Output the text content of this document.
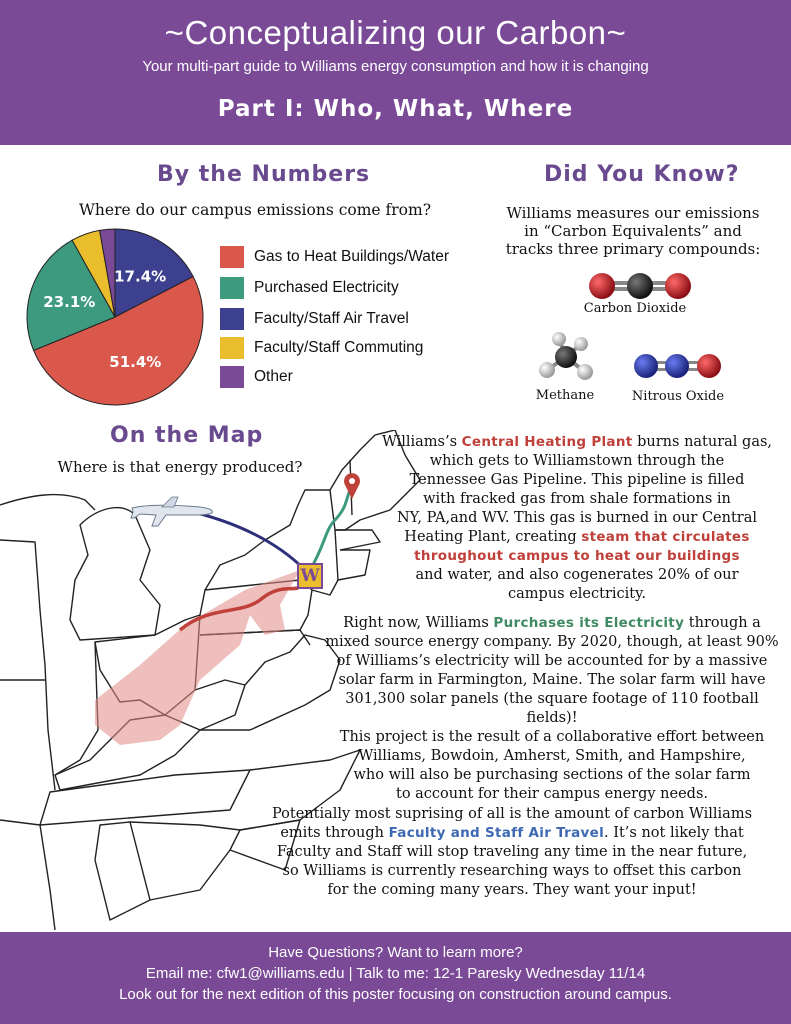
~Conceptualizing our Carbon~
Your multi-part guide to Williams energy consumption and how it is changing
Part I: Who, What, Where
By the Numbers
Where do our campus emissions come from?
17.4%
51.4%
23.1%
Gas to Heat Buildings/Water
Purchased Electricity
Faculty/Staff Air Travel
Faculty/Staff Commuting
Other
Did You Know?
Williams measures our emissions
in “Carbon Equivalents” and
tracks three primary compounds:
Carbon Dioxide
Methane	Nitrous Oxide
W
On the Map
Where is that energy produced?
Williams’s Central Heating Plant burns natural gas,
which gets to Williamstown through the
Tennessee Gas Pipeline. This pipeline is filled
with fracked gas from shale formations in
NY, PA,and WV. This gas is burned in our Central
Heating Plant, creating steam that circulates
throughout campus to heat our buildings
and water, and also cogenerates 20% of our
campus electricity.
Right now, Williams Purchases its Electricity through a
mixed source energy company. By 2020, though, at least 90%
of Williams’s electricity will be accounted for by a massive
solar farm in Farmington, Maine. The solar farm will have
301,300 solar panels (the square footage of 110 football fields)!
This project is the result of a collaborative effort between
Williams, Bowdoin, Amherst, Smith, and Hampshire,
who will also be purchasing sections of the solar farm
to account for their campus energy needs.
Potentially most suprising of all is the amount of carbon Williams
emits through Faculty and Staff Air Travel. It’s not likely that
Faculty and Staff will stop traveling any time in the near future,
so Williams is currently researching ways to offset this carbon
for the coming many years. They want your input!
Have Questions? Want to learn more?
Email me: cfw1@williams.edu | Talk to me: 12-1 Paresky Wednesday 11/14
Look out for the next edition of this poster focusing on construction around campus.
